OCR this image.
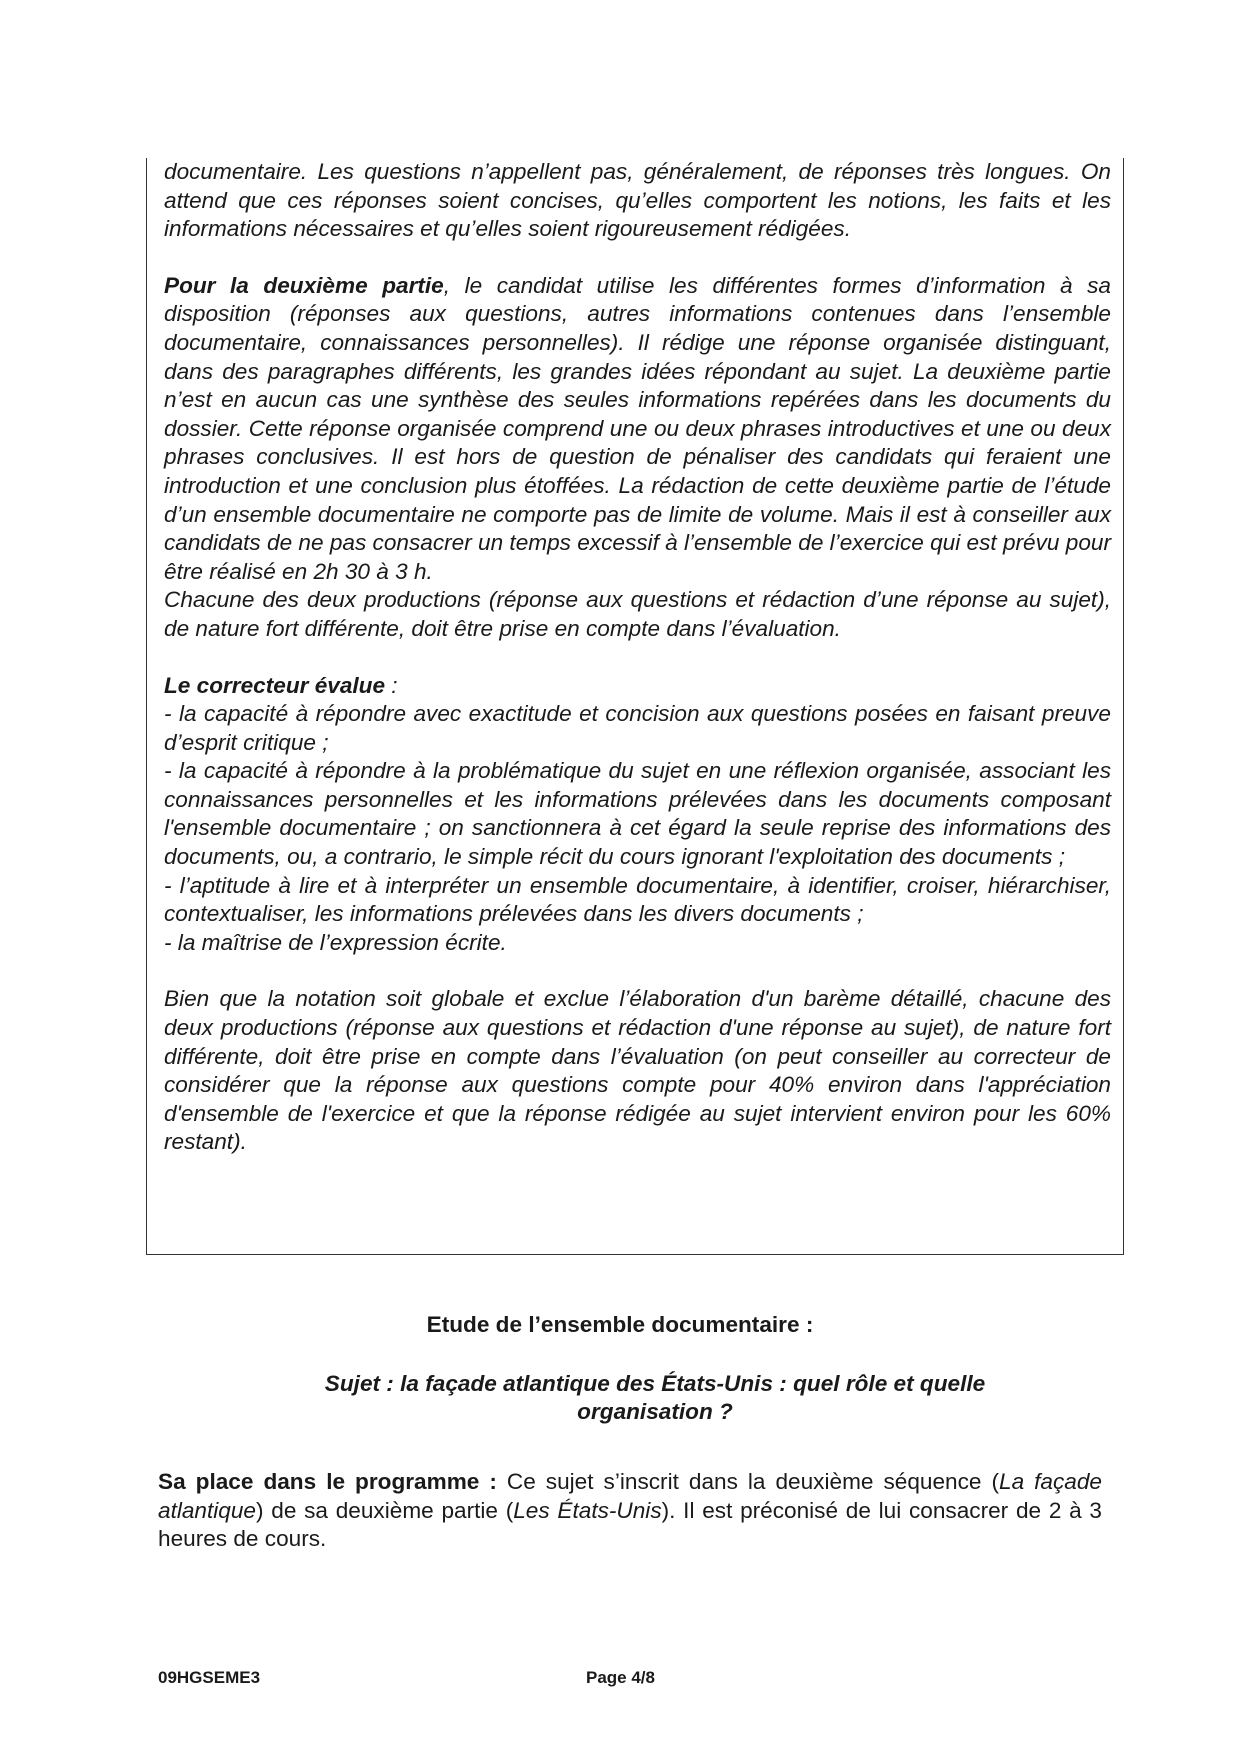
documentaire. Les questions n’appellent pas, généralement, de réponses très longues. On attend que ces réponses soient concises, qu’elles comportent les notions, les faits et les informations nécessaires et qu’elles soient rigoureusement rédigées.

Pour la deuxième partie, le candidat utilise les différentes formes d’information à sa disposition (réponses aux questions, autres informations contenues dans l’ensemble documentaire, connaissances personnelles). Il rédige une réponse organisée distinguant, dans des paragraphes différents, les grandes idées répondant au sujet. La deuxième partie n’est en aucun cas une synthèse des seules informations repérées dans les documents du dossier. Cette réponse organisée comprend une ou deux phrases introductives et une ou deux phrases conclusives. Il est hors de question de pénaliser des candidats qui feraient une introduction et une conclusion plus étoffées. La rédaction de cette deuxième partie de l’étude d’un ensemble documentaire ne comporte pas de limite de volume. Mais il est à conseiller aux candidats de ne pas consacrer un temps excessif à l’ensemble de l’exercice qui est prévu pour être réalisé en 2h 30 à 3 h.

Chacune des deux productions (réponse aux questions et rédaction d’une réponse au sujet), de nature fort différente, doit être prise en compte dans l’évaluation.

Le correcteur évalue :

- la capacité à répondre avec exactitude et concision aux questions posées en faisant preuve d’esprit critique ;

- la capacité à répondre à la problématique du sujet en une réflexion organisée, associant les connaissances personnelles et les informations prélevées dans les documents composant l'ensemble documentaire ; on sanctionnera à cet égard la seule reprise des informations des documents, ou, a contrario, le simple récit du cours ignorant l'exploitation des documents ;

- l’aptitude à lire et à interpréter un ensemble documentaire, à identifier, croiser, hiérarchiser, contextualiser, les informations prélevées dans les divers documents ;

- la maîtrise de l’expression écrite.

Bien que la notation soit globale et exclue l’élaboration d'un barème détaillé, chacune des deux productions (réponse aux questions et rédaction d'une réponse au sujet), de nature fort différente, doit être prise en compte dans l’évaluation (on peut conseiller au correcteur de considérer que la réponse aux questions compte pour 40% environ dans l'appréciation d'ensemble de l'exercice et que la réponse rédigée au sujet intervient environ pour les 60% restant).

Etude de l’ensemble documentaire :
Sujet : la façade atlantique des États-Unis : quel rôle et quelle
organisation ?

Sa place dans le programme : Ce sujet s’inscrit dans la deuxième séquence (La façade atlantique) de sa deuxième partie (Les États-Unis). Il est préconisé de lui consacrer de 2 à 3 heures de cours.

09HGSEME3	Page 4/8
